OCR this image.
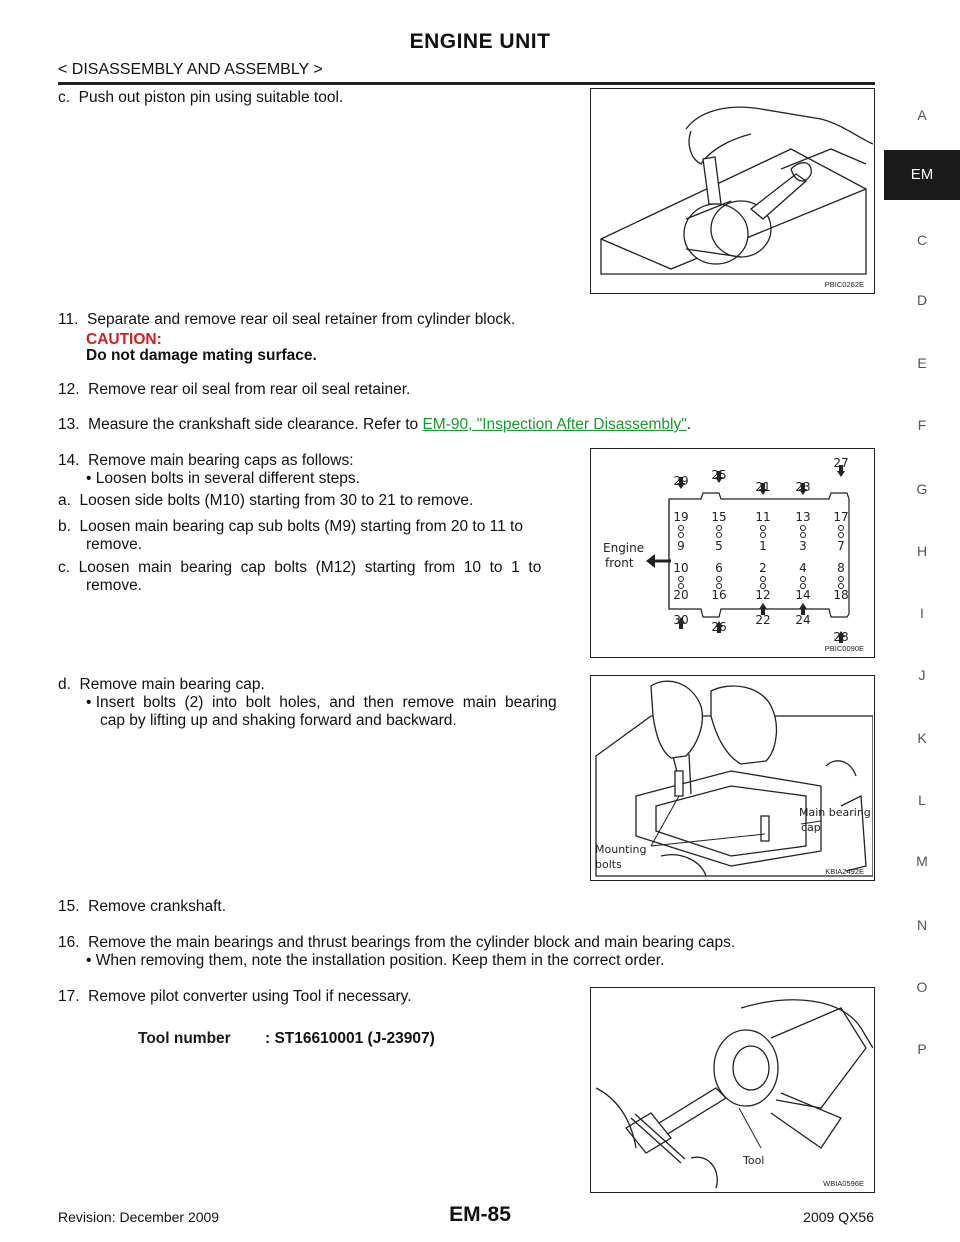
ENGINE UNIT
< DISASSEMBLY AND ASSEMBLY >
c.  Push out piston pin using suitable tool.
11.  Separate and remove rear oil seal retainer from cylinder block.
CAUTION:
Do not damage mating surface.
12.  Remove rear oil seal from rear oil seal retainer.
13.  Measure the crankshaft side clearance. Refer to EM-90, "Inspection After Disassembly".
14.  Remove main bearing caps as follows:
• Loosen bolts in several different steps.
a.  Loosen side bolts (M10) starting from 30 to 21 to remove.
b.  Loosen main bearing cap sub bolts (M9) starting from 20 to 11 to
remove.
c.  Loosen  main  bearing  cap  bolts  (M12)  starting  from  10  to  1  to
remove.
d.  Remove main bearing cap.
• Insert  bolts  (2)  into  bolt  holes,  and  then  remove  main  bearing
cap by lifting up and shaking forward and backward.
15.  Remove crankshaft.
16.  Remove the main bearings and thrust bearings from the cylinder block and main bearing caps.
• When removing them, note the installation position. Keep them in the correct order.
17.  Remove pilot converter using Tool if necessary.
Tool number : ST16610001 (J-23907)
PBIC0262E
Engine
front
29 25
21 23
27
30 26 22 24
28
19 15 11 13 17
9	5	1	3	7
10 6	2	4	8
20 16 12 14 18
PBIC0090E
Main bearing
cap
Mounting
bolts
KBIA2492E
Tool
WBIA0596E
A
EM
C
D
E
F
G
H
I
J
K
L
M
N
O
P
Revision: December 2009	EM-85	2009 QX56
